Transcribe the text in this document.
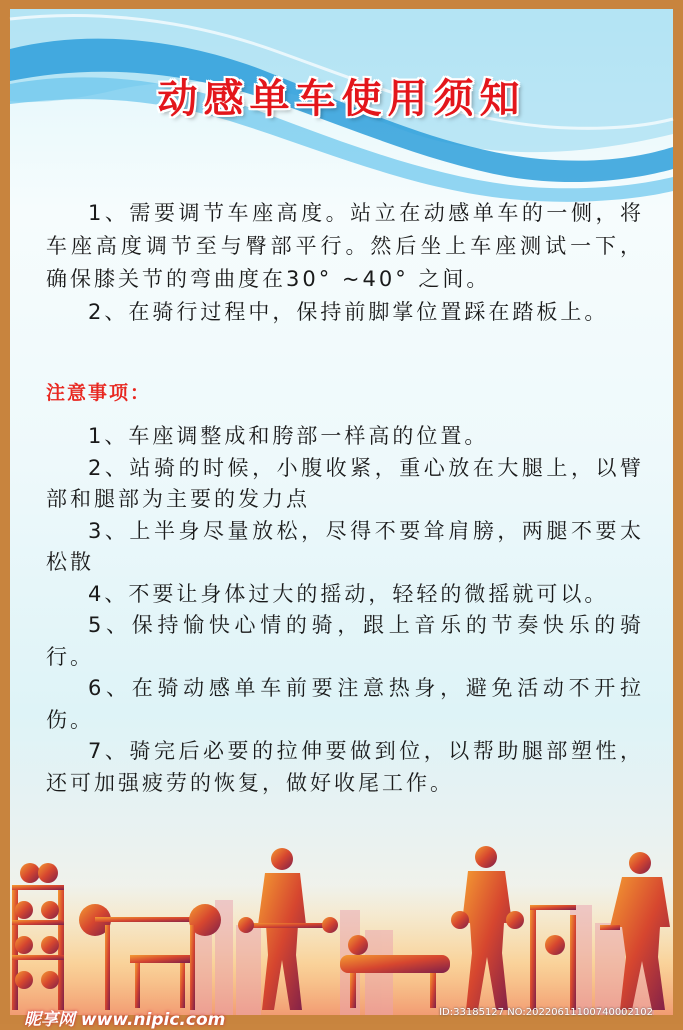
动感单车使用须知

1、需要调节车座高度。站立在动感单车的一侧，将车座高度调节至与臀部平行。然后坐上车座测试一下，确保膝关节的弯曲度在30° ~40° 之间。

2、在骑行过程中，保持前脚掌位置踩在踏板上。

注意事项：

1、车座调整成和胯部一样高的位置。

2、站骑的时候，小腹收紧，重心放在大腿上，以臂部和腿部为主要的发力点

3、上半身尽量放松，尽得不要耸肩膀，两腿不要太松散

4、不要让身体过大的摇动，轻轻的微摇就可以。

5、保持愉快心情的骑，跟上音乐的节奏快乐的骑行。

6、在骑动感单车前要注意热身，避免活动不开拉伤。

7、骑完后必要的拉伸要做到位，以帮助腿部塑性，还可加强疲劳的恢复，做好收尾工作。

昵享网 www.nipic.com	ID:33185127 NO:20220611100740002102
